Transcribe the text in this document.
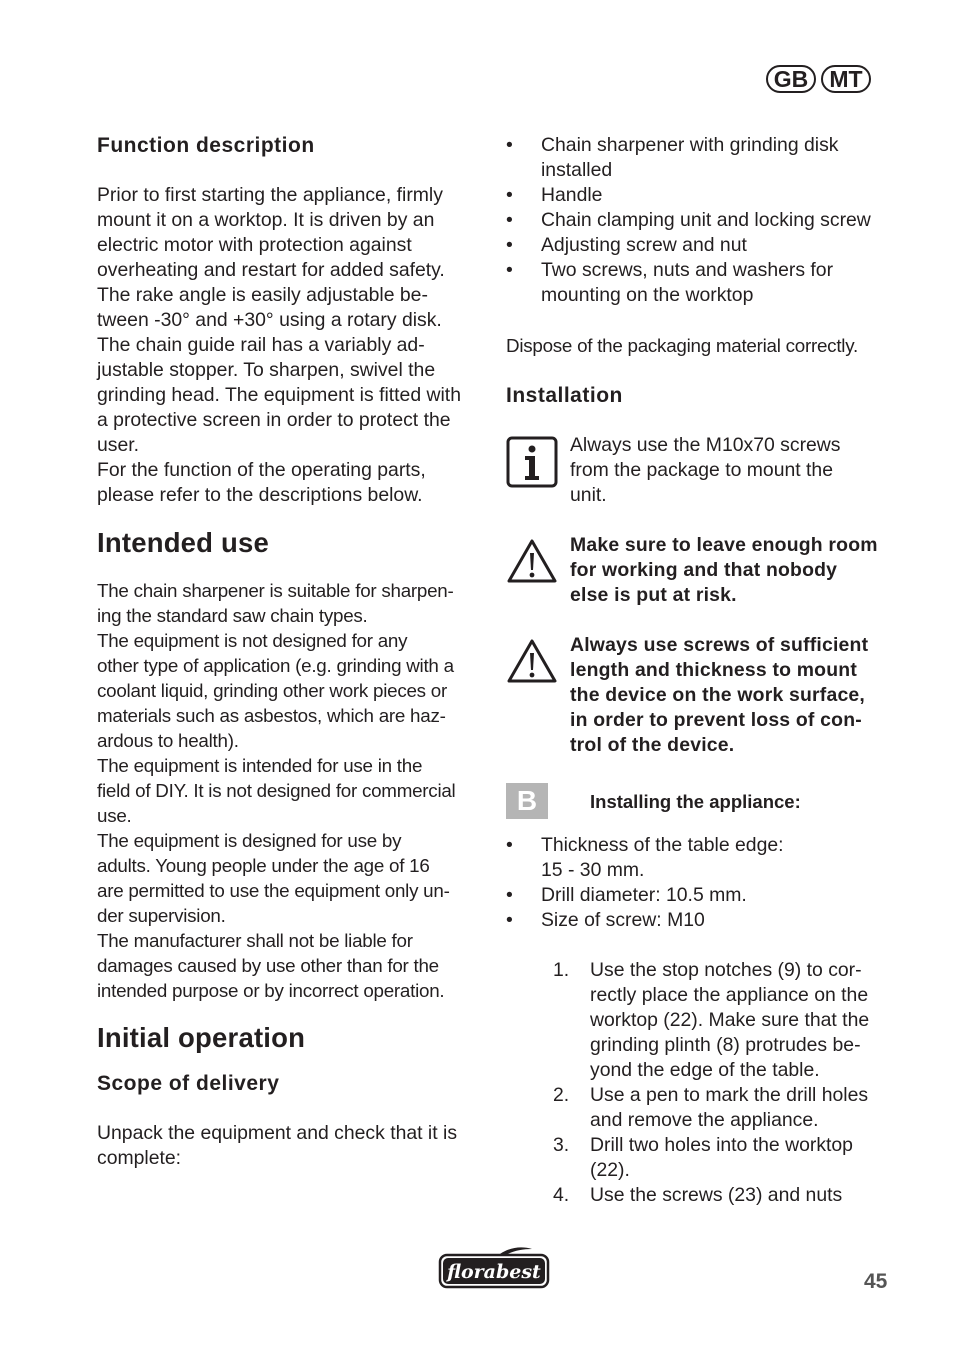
GB MT
Function description

Prior to first starting the appliance, firmly

mount it on a worktop. It is driven by an

electric motor with protection against

overheating and restart for added safety.

The rake angle is easily adjustable be-

tween -30° and +30° using a rotary disk.

The chain guide rail has a variably ad-

justable stopper. To sharpen, swivel the

grinding head. The equipment is fitted with

a protective screen in order to protect the

user.

For the function of the operating parts,

please refer to the descriptions below.

Intended use

The chain sharpener is suitable for sharpen-

ing the standard saw chain types.

The equipment is not designed for any

other type of application (e.g. grinding with a

coolant liquid, grinding other work pieces or

materials such as asbestos, which are haz-

ardous to health).

The equipment is intended for use in the

field of DIY. It is not designed for commercial

use.

The equipment is designed for use by

adults. Young people under the age of 16

are permitted to use the equipment only un-

der supervision.

The manufacturer shall not be liable for

damages caused by use other than for the

intended purpose or by incorrect operation.

Initial operation
Scope of delivery

Unpack the equipment and check that it is

complete:

•	Chain sharpener with grinding disk

installed

•	Handle

•	Chain clamping unit and locking screw

•	Adjusting screw and nut

•	Two screws, nuts and washers for

mounting on the worktop

Dispose of the packaging material correctly.

Installation

Always use the M10x70 screws

from the package to mount the

unit.

Make sure to leave enough room

for working and that nobody

else is put at risk.

Always use screws of sufficient

length and thickness to mount

the device on the work surface,

in order to prevent loss of con-

trol of the device.

B	Installing the appliance:
•	Thickness of the table edge:

15 - 30 mm.

•	Drill diameter: 10.5 mm.

•	Size of screw: M10

1.	Use the stop notches (9) to cor-

rectly place the appliance on the

worktop (22). Make sure that the

grinding plinth (8) protrudes be-

yond the edge of the table.

2.	Use a pen to mark the drill holes

and remove the appliance.

3.	Drill two holes into the worktop

(22).

4.	Use the screws (23) and nuts

florabest	45
